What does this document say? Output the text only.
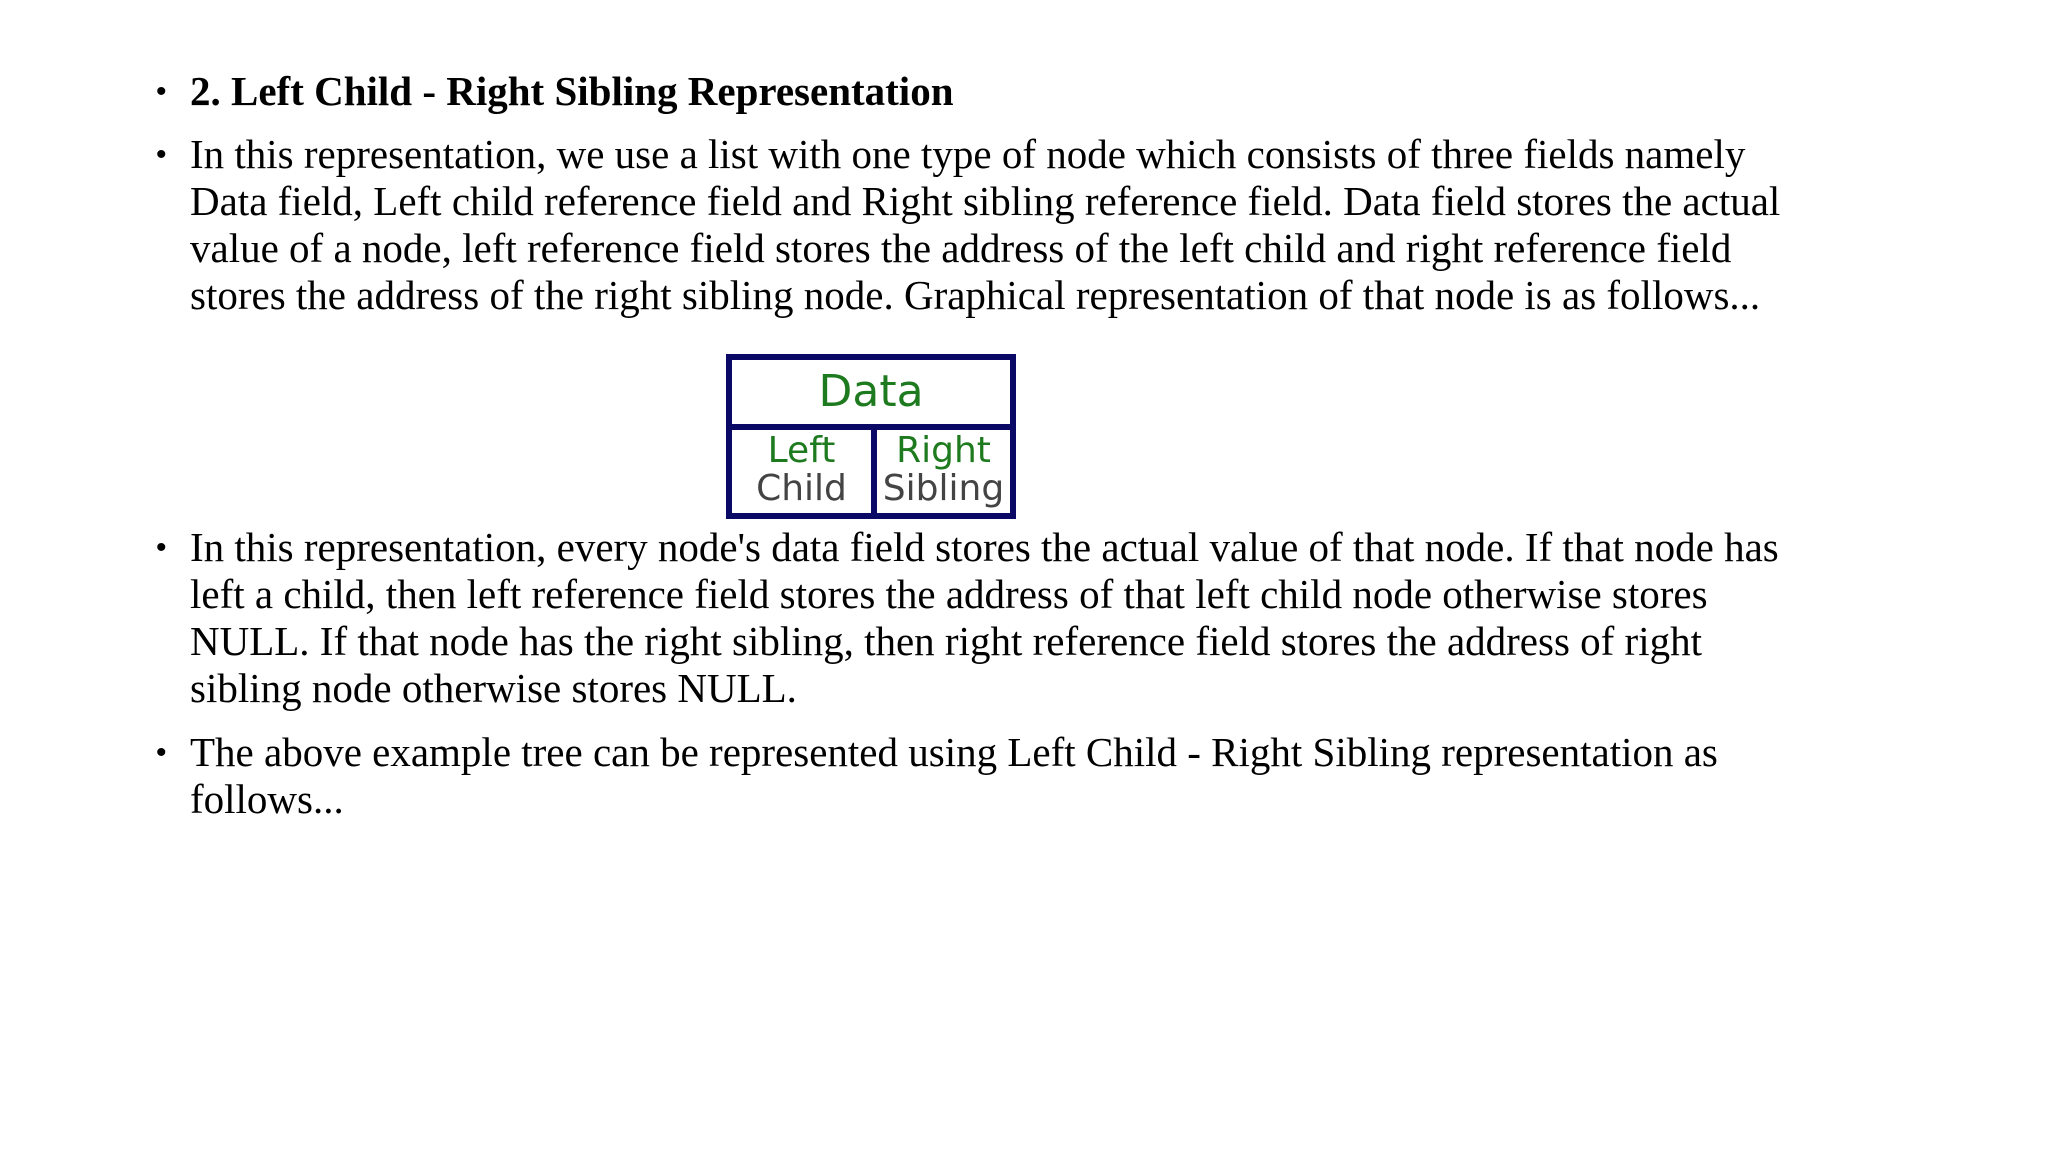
• 2. Left Child - Right Sibling Representation
• In this representation, we use a list with one type of node which consists of three fields namely
Data field, Left child reference field and Right sibling reference field. Data field stores the actual
value of a node, left reference field stores the address of the left child and right reference field
stores the address of the right sibling node. Graphical representation of that node is as follows...
Data
Left
Child
Right
Sibling
• In this representation, every node's data field stores the actual value of that node. If that node has
left a child, then left reference field stores the address of that left child node otherwise stores
NULL. If that node has the right sibling, then right reference field stores the address of right
sibling node otherwise stores NULL.
• The above example tree can be represented using Left Child - Right Sibling representation as
follows...
